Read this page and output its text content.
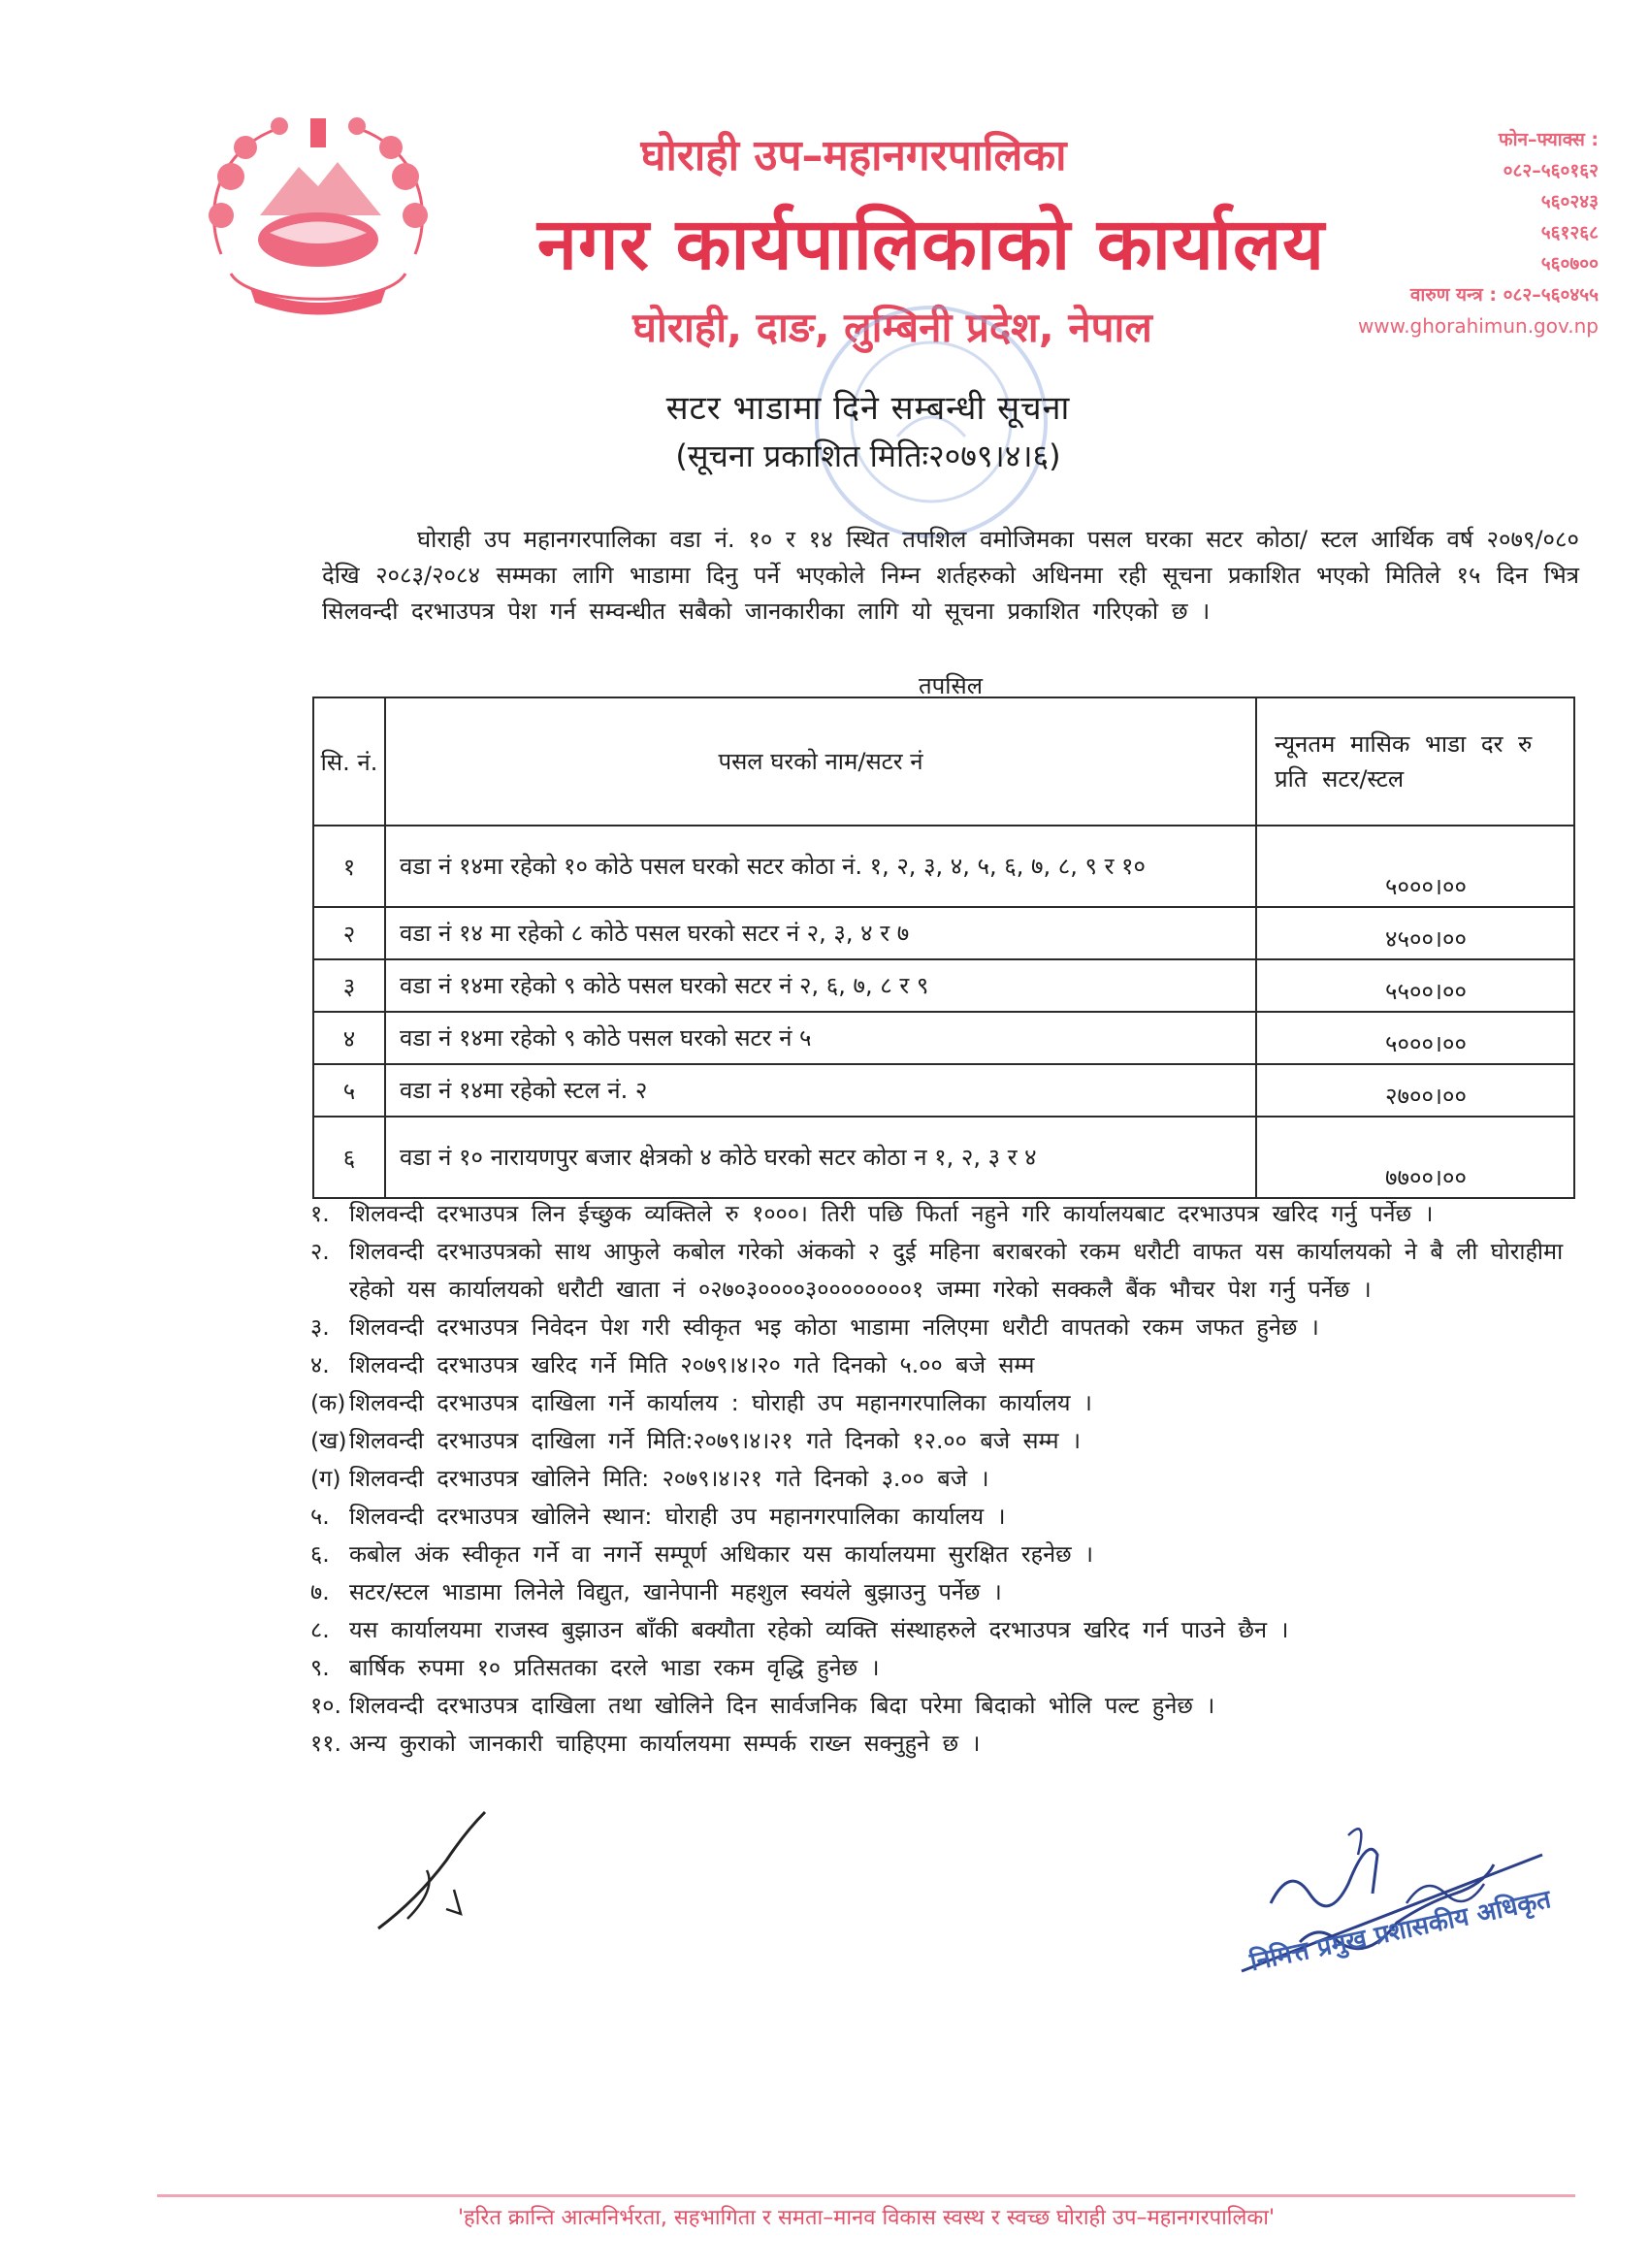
घोराही उप–महानगरपालिका
नगर कार्यपालिकाको कार्यालय
घोराही, दाङ, लुम्बिनी प्रदेश, नेपाल
फोन–फ्याक्स :
०८२–५६०१६२
५६०२४३
५६१२६८
५६०७००
वारुण यन्त्र : ०८२–५६०४५५
www.ghorahimun.gov.np
सटर भाडामा दिने सम्बन्धी सूचना
(सूचना प्रकाशित मितिः२०७९।४।६)
घोराही उप महानगरपालिका वडा नं. १० र १४ स्थित तपशिल वमोजिमका पसल घरका सटर कोठा/ स्टल आर्थिक वर्ष २०७९/०८० देखि २०८३/२०८४ सम्मका लागि भाडामा दिनु पर्ने भएकोले निम्न शर्तहरुको अधिनमा रही सूचना प्रकाशित भएको मितिले १५ दिन भित्र सिलवन्दी दरभाउपत्र पेश गर्न सम्वन्धीत सबैको जानकारीका लागि यो सूचना प्रकाशित गरिएको छ ।
तपसिल
सि. नं.	पसल घरको नाम/सटर नं	न्यूनतम मासिक भाडा दर रु प्रति सटर/स्टल
१	वडा नं १४मा रहेको १० कोठे पसल घरको सटर कोठा नं. १, २, ३, ४, ५, ६, ७, ८, ९ र १०	५०००।००
२	वडा नं १४ मा रहेको ८ कोठे पसल घरको सटर नं २, ३, ४ र ७	४५००।००
३	वडा नं १४मा रहेको ९ कोठे पसल घरको सटर नं २, ६, ७, ८ र ९	५५००।००
४	वडा नं १४मा रहेको ९ कोठे पसल घरको सटर नं ५	५०००।००
५	वडा नं १४मा रहेको स्टल नं. २	२७००।००
६	वडा नं १० नारायणपुर बजार क्षेत्रको ४ कोठे घरको सटर कोठा न १, २, ३ र ४	७७००।००
१. शिलवन्दी दरभाउपत्र लिन ईच्छुक व्यक्तिले रु १०००। तिरी पछि फिर्ता नहुने गरि कार्यालयबाट दरभाउपत्र खरिद गर्नु पर्नेछ ।
२. शिलवन्दी दरभाउपत्रको साथ आफुले कबोल गरेको अंकको २ दुई महिना बराबरको रकम धरौटी वाफत यस कार्यालयको ने बै ली घोराहीमा रहेको यस कार्यालयको धरौटी खाता नं ०२७०३००००३००००००००१ जम्मा गरेको सक्कलै बैंक भौचर पेश गर्नु पर्नेछ ।
३. शिलवन्दी दरभाउपत्र निवेदन पेश गरी स्वीकृत भइ कोठा भाडामा नलिएमा धरौटी वापतको रकम जफत हुनेछ ।
४. शिलवन्दी दरभाउपत्र खरिद गर्ने मिति २०७९।४।२० गते दिनको ५.०० बजे सम्म
(क) शिलवन्दी दरभाउपत्र दाखिला गर्ने कार्यालय : घोराही उप महानगरपालिका कार्यालय ।
(ख) शिलवन्दी दरभाउपत्र दाखिला गर्ने मिति:२०७९।४।२१ गते दिनको १२.०० बजे सम्म ।
(ग) शिलवन्दी दरभाउपत्र खोलिने मिति: २०७९।४।२१ गते दिनको ३.०० बजे ।
५. शिलवन्दी दरभाउपत्र खोलिने स्थान: घोराही उप महानगरपालिका कार्यालय ।
६. कबोल अंक स्वीकृत गर्ने वा नगर्ने सम्पूर्ण अधिकार यस कार्यालयमा सुरक्षित रहनेछ ।
७. सटर/स्टल भाडामा लिनेले विद्युत, खानेपानी महशुल स्वयंले बुझाउनु पर्नेछ ।
८. यस कार्यालयमा राजस्व बुझाउन बाँकी बक्यौता रहेको व्यक्ति संस्थाहरुले दरभाउपत्र खरिद गर्न पाउने छैन ।
९. बार्षिक रुपमा १० प्रतिसतका दरले भाडा रकम वृद्धि हुनेछ ।
१०. शिलवन्दी दरभाउपत्र दाखिला तथा खोलिने दिन सार्वजनिक बिदा परेमा बिदाको भोलि पल्ट हुनेछ ।
११. अन्य कुराको जानकारी चाहिएमा कार्यालयमा सम्पर्क राख्न सक्नुहुने छ ।
निमित्त प्रमुख प्रशासकीय अधिकृत
'हरित क्रान्ति आत्मनिर्भरता, सहभागिता र समता–मानव विकास स्वस्थ र स्वच्छ घोराही उप–महानगरपालिका'
